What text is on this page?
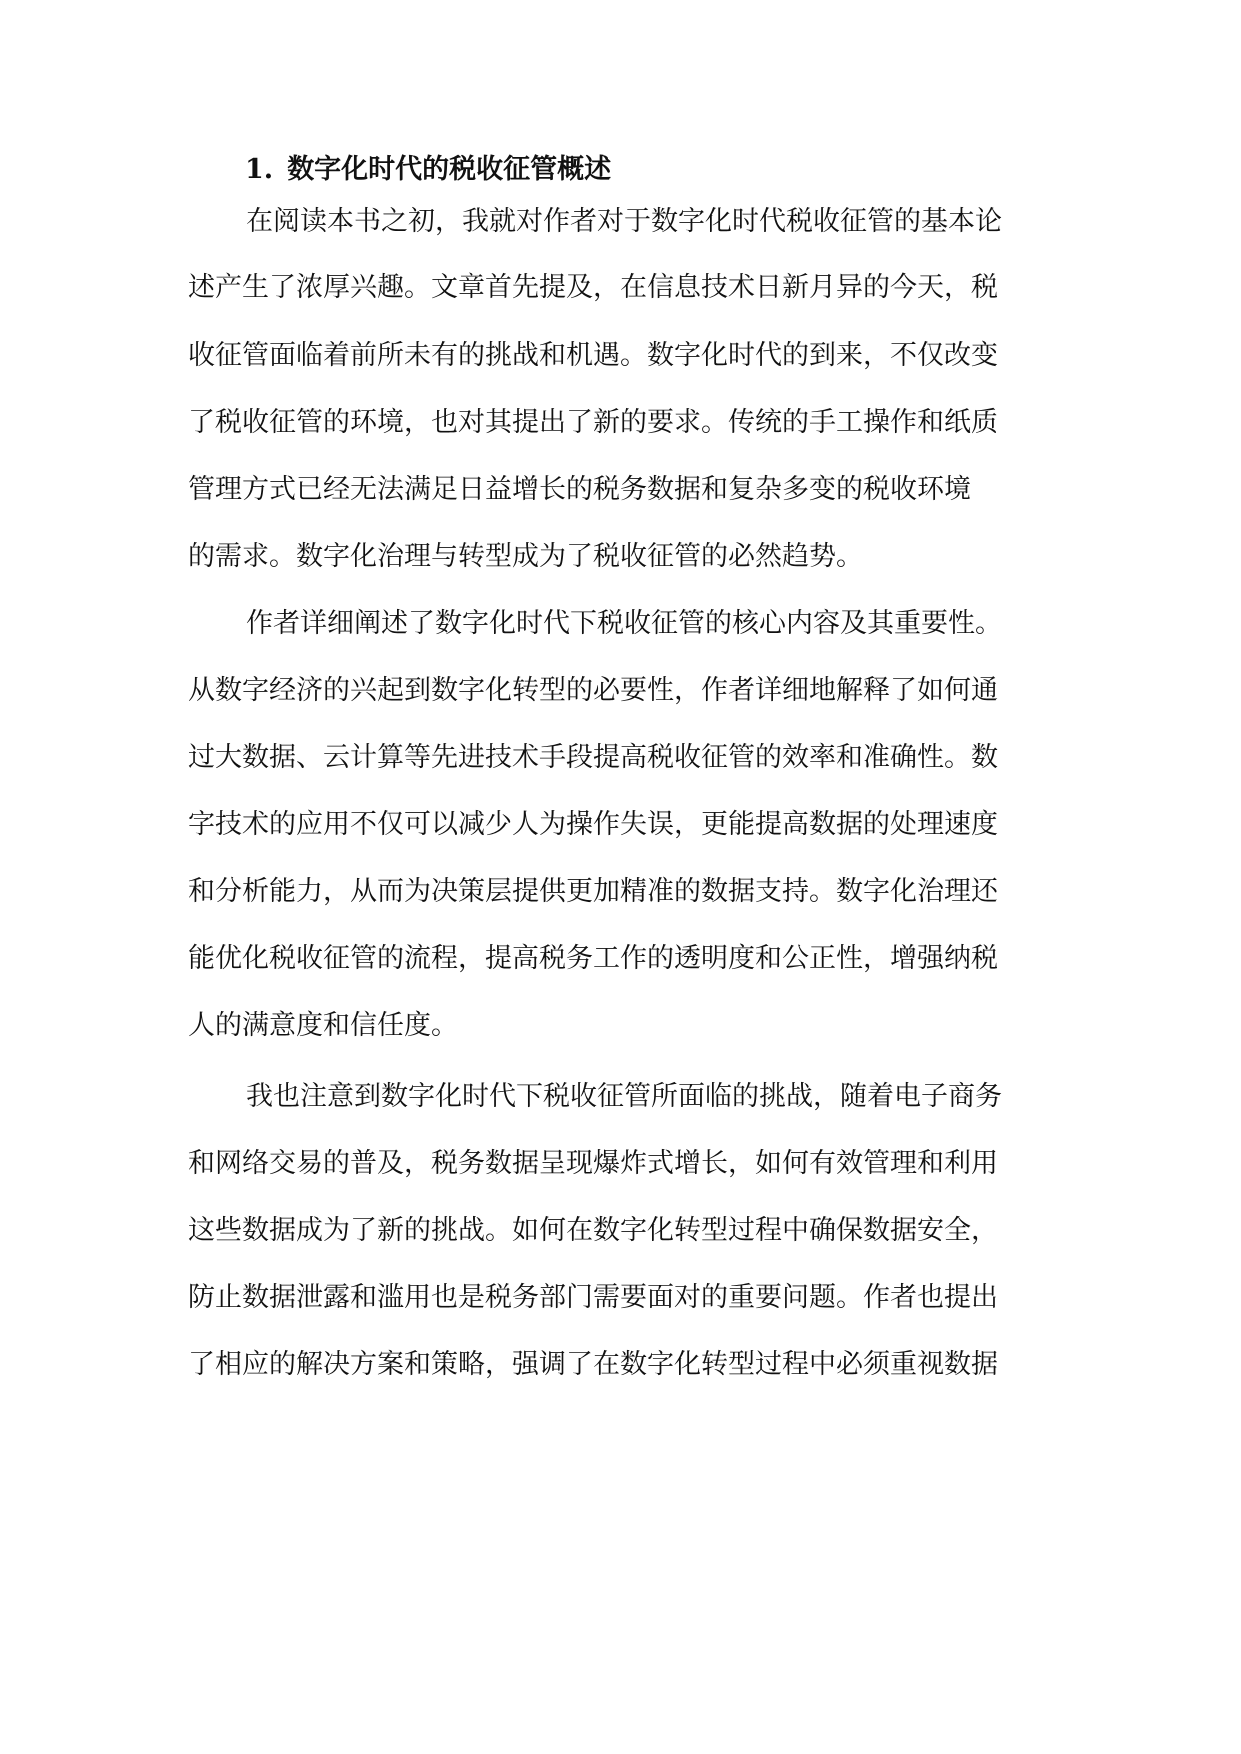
1. 数字化时代的税收征管概述

在阅读本书之初，我就对作者对于数字化时代税收征管的基本论

述产生了浓厚兴趣。文章首先提及，在信息技术日新月异的今天，税

收征管面临着前所未有的挑战和机遇。数字化时代的到来，不仅改变

了税收征管的环境，也对其提出了新的要求。传统的手工操作和纸质

管理方式已经无法满足日益增长的税务数据和复杂多变的税收环境

的需求。数字化治理与转型成为了税收征管的必然趋势。

作者详细阐述了数字化时代下税收征管的核心内容及其重要性。

从数字经济的兴起到数字化转型的必要性，作者详细地解释了如何通

过大数据、云计算等先进技术手段提高税收征管的效率和准确性。数

字技术的应用不仅可以减少人为操作失误，更能提高数据的处理速度

和分析能力，从而为决策层提供更加精准的数据支持。数字化治理还

能优化税收征管的流程，提高税务工作的透明度和公正性，增强纳税

人的满意度和信任度。

我也注意到数字化时代下税收征管所面临的挑战，随着电子商务

和网络交易的普及，税务数据呈现爆炸式增长，如何有效管理和利用

这些数据成为了新的挑战。如何在数字化转型过程中确保数据安全，

防止数据泄露和滥用也是税务部门需要面对的重要问题。作者也提出

了相应的解决方案和策略，强调了在数字化转型过程中必须重视数据
